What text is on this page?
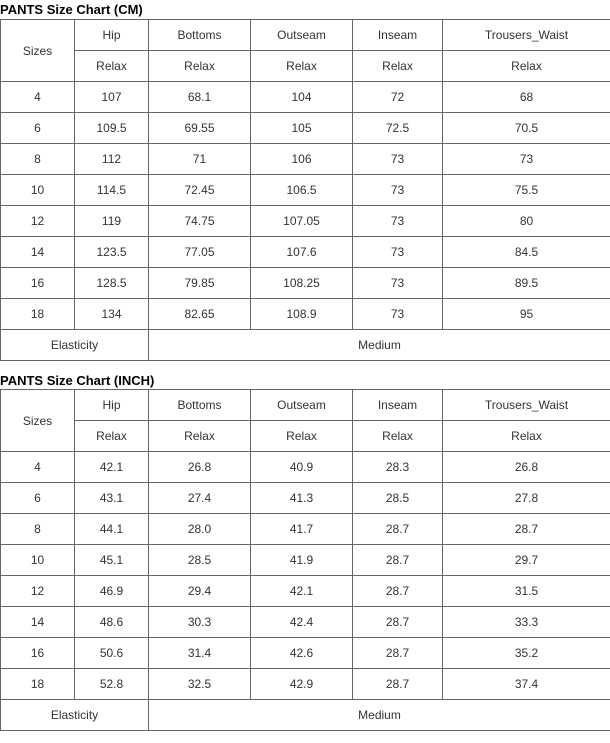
PANTS Size Chart (CM)
Sizes	Hip	Bottoms	Outseam	Inseam	Trousers_Waist
	Relax	Relax	Relax	Relax	Relax
4	107	68.1	104	72	68
6	109.5	69.55	105	72.5	70.5
8	112	71	106	73	73
10	114.5	72.45	106.5	73	75.5
12	119	74.75	107.05	73	80
14	123.5	77.05	107.6	73	84.5
16	128.5	79.85	108.25	73	89.5
18	134	82.65	108.9	73	95
Elasticity		Medium			
PANTS Size Chart (INCH)
Sizes	Hip	Bottoms	Outseam	Inseam	Trousers_Waist
	Relax	Relax	Relax	Relax	Relax
4	42.1	26.8	40.9	28.3	26.8
6	43.1	27.4	41.3	28.5	27.8
8	44.1	28.0	41.7	28.7	28.7
10	45.1	28.5	41.9	28.7	29.7
12	46.9	29.4	42.1	28.7	31.5
14	48.6	30.3	42.4	28.7	33.3
16	50.6	31.4	42.6	28.7	35.2
18	52.8	32.5	42.9	28.7	37.4
Elasticity		Medium			
